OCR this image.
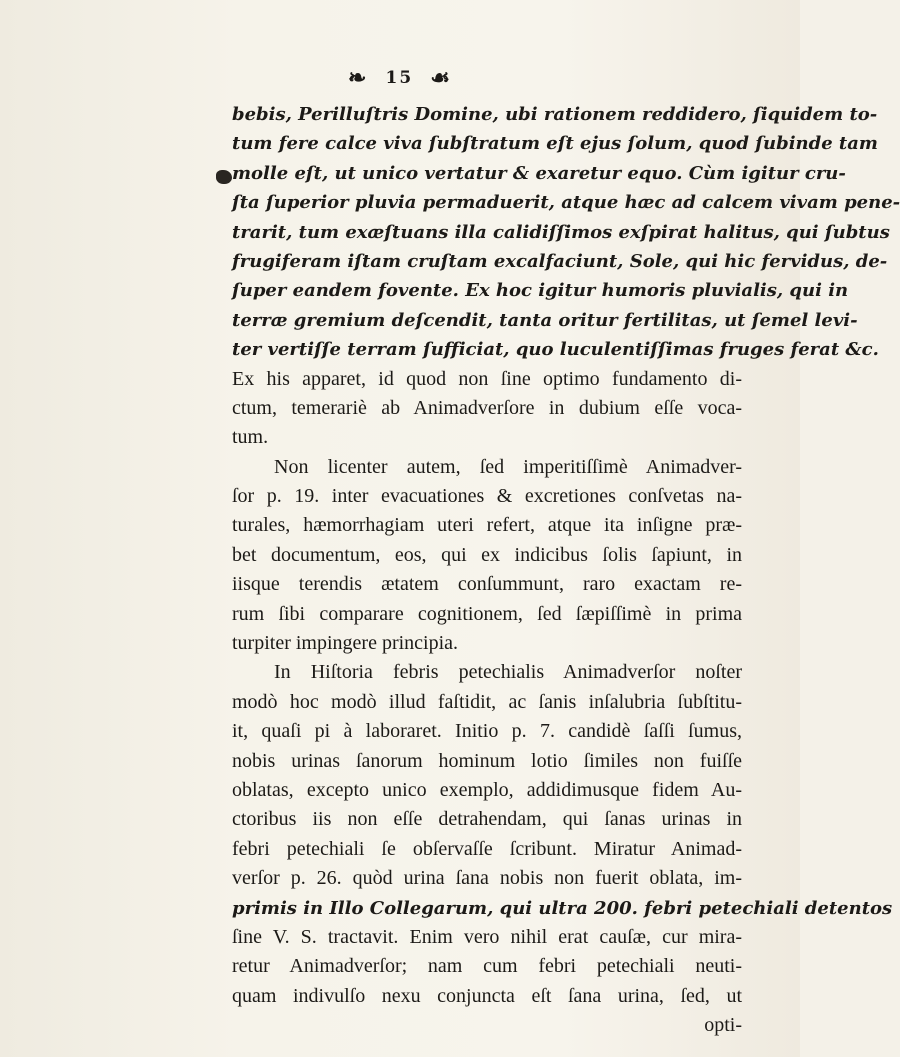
❧ 15 ☙
bebis, Perilluſtris Domine, ubi rationem reddidero, ſiquidem to-
tum fere calce viva ſubſtratum eſt ejus ſolum, quod ſubinde tam
molle eſt, ut unico vertatur & exaretur equo. Cùm igitur cru-
ſta ſuperior pluvia permaduerit, atque hæc ad calcem vivam pene-
trarit, tum exæſtuans illa calidiſſimos exſpirat halitus, qui ſubtus
frugiferam iſtam cruſtam excalfaciunt, Sole, qui hic fervidus, de-
ſuper eandem fovente. Ex hoc igitur humoris pluvialis, qui in
terræ gremium deſcendit, tanta oritur fertilitas, ut ſemel levi-
ter vertiſſe terram ſufficiat, quo luculentiſſimas fruges ferat &c.
Ex his apparet, id quod non ſine optimo fundamento di-
ctum, temerariè ab Animadverſore in dubium eſſe voca-
tum.
Non licenter autem, ſed imperitiſſimè Animadver-
ſor p. 19. inter evacuationes & excretiones conſvetas na-
turales, hæmorrhagiam uteri refert, atque ita inſigne præ-
bet documentum, eos, qui ex indicibus ſolis ſapiunt, in
iisque terendis ætatem conſummunt, raro exactam re-
rum ſibi comparare cognitionem, ſed ſæpiſſimè in prima
turpiter impingere principia.
In Hiſtoria febris petechialis Animadverſor noſter
modò hoc modò illud faſtidit, ac ſanis inſalubria ſubſtitu-
it, quaſi pi à laboraret. Initio p. 7. candidè ſaſſi ſumus,
nobis urinas ſanorum hominum lotio ſimiles non fuiſſe
oblatas, excepto unico exemplo, addidimusque fidem Au-
ctoribus iis non eſſe detrahendam, qui ſanas urinas in
febri petechiali ſe obſervaſſe ſcribunt. Miratur Animad-
verſor p. 26. quòd urina ſana nobis non fuerit oblata, im-
primis in Illo Collegarum, qui ultra 200. febri petechiali detentos
ſine V. S. tractavit. Enim vero nihil erat cauſæ, cur mira-
retur Animadverſor; nam cum febri petechiali neuti-
quam indivulſo nexu conjuncta eſt ſana urina, ſed, ut
opti-
